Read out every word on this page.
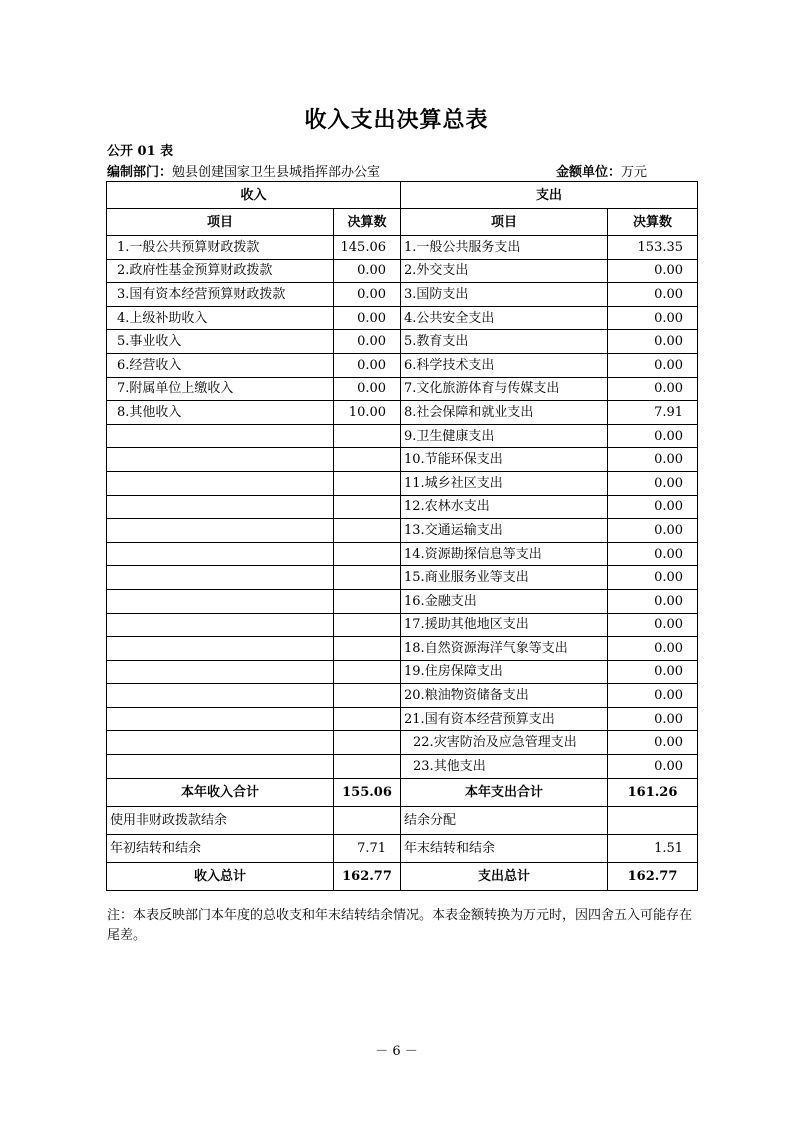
收入支出决算总表
公开 01 表
编制部门：勉县创建国家卫生县城指挥部办公室	金额单位：万元
收入		支出	
项目	决算数	项目	决算数
1.一般公共预算财政拨款	145.06	1.一般公共服务支出	153.35
2.政府性基金预算财政拨款	0.00	2.外交支出	0.00
3.国有资本经营预算财政拨款	0.00	3.国防支出	0.00
4.上级补助收入	0.00	4.公共安全支出	0.00
5.事业收入	0.00	5.教育支出	0.00
6.经营收入	0.00	6.科学技术支出	0.00
7.附属单位上缴收入	0.00	7.文化旅游体育与传媒支出	0.00
8.其他收入	10.00	8.社会保障和就业支出	7.91
		9.卫生健康支出	0.00
		10.节能环保支出	0.00
		11.城乡社区支出	0.00
		12.农林水支出	0.00
		13.交通运输支出	0.00
		14.资源勘探信息等支出	0.00
		15.商业服务业等支出	0.00
		16.金融支出	0.00
		17.援助其他地区支出	0.00
		18.自然资源海洋气象等支出	0.00
		19.住房保障支出	0.00
		20.粮油物资储备支出	0.00
		21.国有资本经营预算支出	0.00
		22.灾害防治及应急管理支出	0.00
		23.其他支出	0.00
本年收入合计	155.06	本年支出合计	161.26
使用非财政拨款结余		结余分配	
年初结转和结余	7.71	年末结转和结余	1.51
收入总计	162.77	支出总计	162.77
注：本表反映部门本年度的总收支和年末结转结余情况。本表金额转换为万元时，因四舍五入可能存在尾差。
－ 6 －
